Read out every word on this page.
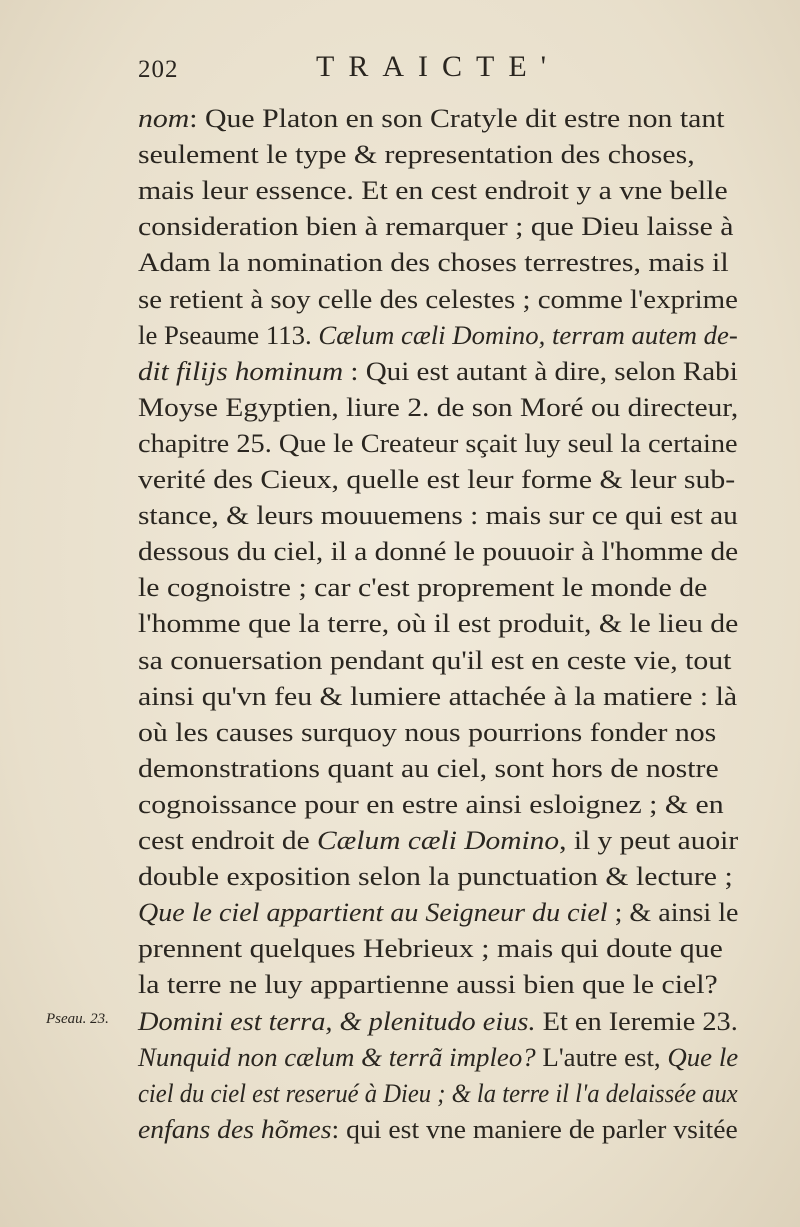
202	TRAICTE'
nom: Que Platon en son Cratyle dit estre non tant
seulement le type & representation des choses,
mais leur essence. Et en cest endroit y a vne belle
consideration bien à remarquer ; que Dieu laisse à
Adam la nomination des choses terrestres, mais il
se retient à soy celle des celestes ; comme l'exprime
le Pseaume 113. Cælum cæli Domino, terram autem de-
dit filijs hominum : Qui est autant à dire, selon Rabi
Moyse Egyptien, liure 2. de son Moré ou directeur,
chapitre 25. Que le Createur sçait luy seul la certaine
verité des Cieux, quelle est leur forme & leur sub-
stance, & leurs mouuemens : mais sur ce qui est au
dessous du ciel, il a donné le pouuoir à l'homme de
le cognoistre ; car c'est proprement le monde de
l'homme que la terre, où il est produit, & le lieu de
sa conuersation pendant qu'il est en ceste vie, tout
ainsi qu'vn feu & lumiere attachée à la matiere : là
où les causes surquoy nous pourrions fonder nos
demonstrations quant au ciel, sont hors de nostre
cognoissance pour en estre ainsi esloignez ; & en
cest endroit de Cælum cæli Domino, il y peut auoir
double exposition selon la punctuation & lecture ;
Que le ciel appartient au Seigneur du ciel ; & ainsi le
prennent quelques Hebrieux ; mais qui doute que
la terre ne luy appartienne aussi bien que le ciel?
Domini est terra, & plenitudo eius. Et en Ieremie 23.
Nunquid non cælum & terrã impleo? L'autre est, Que le
ciel du ciel est reserué à Dieu ; & la terre il l'a delaissée aux
enfans des hõmes: qui est vne maniere de parler vsitée
Pseau. 23.
